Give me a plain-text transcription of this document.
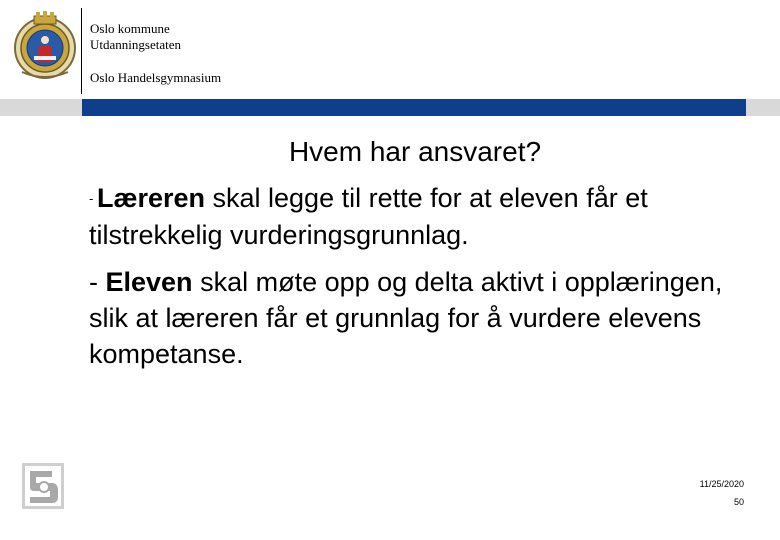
Oslo kommune
Utdanningsetaten
Oslo Handelsgymnasium
Hvem har ansvaret?
- Læreren skal legge til rette for at eleven får et tilstrekkelig vurderingsgrunnlag.
- Eleven skal møte opp og delta aktivt i opplæringen, slik at læreren får et grunnlag for å vurdere elevens kompetanse.
11/25/2020
50
